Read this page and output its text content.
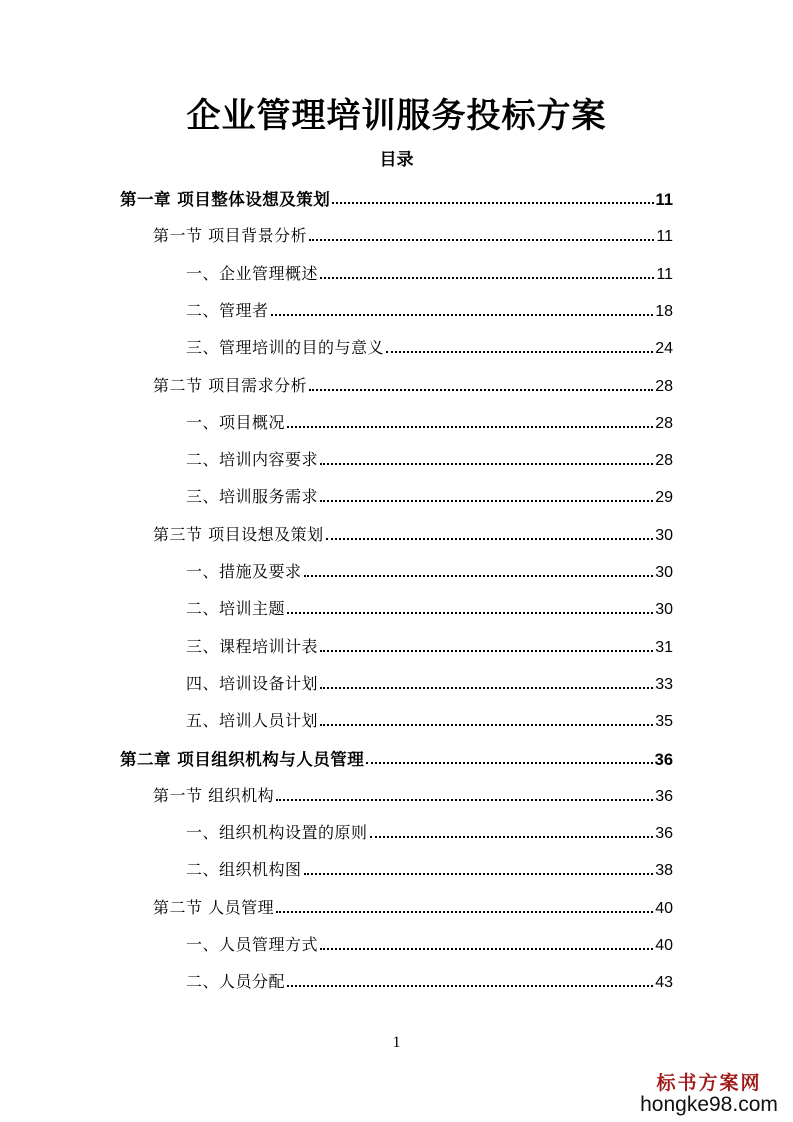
企业管理培训服务投标方案
目录
第一章 项目整体设想及策划	11
第一节 项目背景分析	11
一、企业管理概述	11
二、管理者	18
三、管理培训的目的与意义	24
第二节 项目需求分析	28
一、项目概况	28
二、培训内容要求	28
三、培训服务需求	29
第三节 项目设想及策划	30
一、措施及要求	30
二、培训主题	30
三、课程培训计表	31
四、培训设备计划	33
五、培训人员计划	35
第二章 项目组织机构与人员管理	36
第一节 组织机构	36
一、组织机构设置的原则	36
二、组织机构图	38
第二节 人员管理	40
一、人员管理方式	40
二、人员分配	43
1
标书方案网
hongke98.com
